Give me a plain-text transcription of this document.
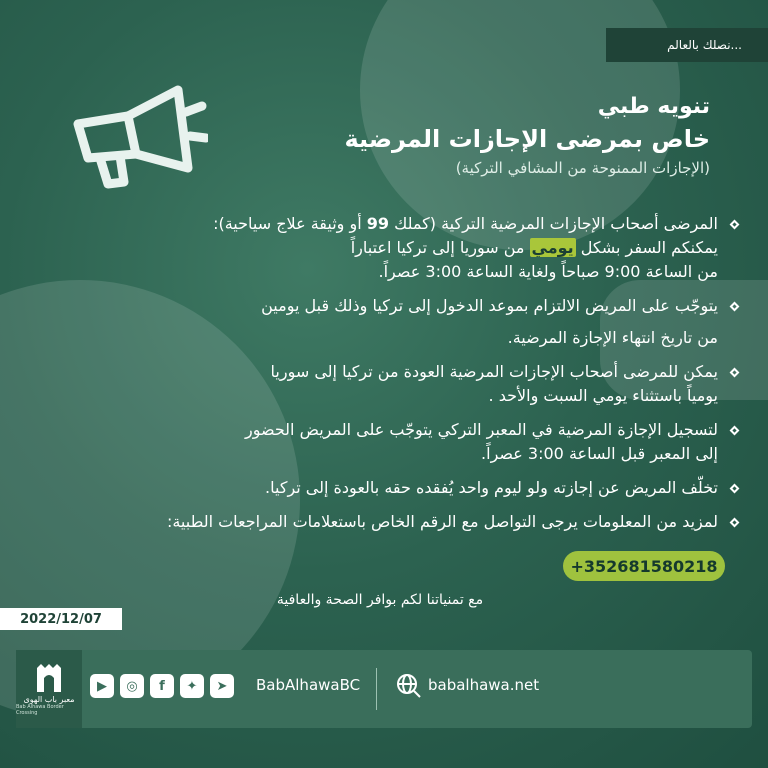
نصلك بالعالم...
تنويه طبي
خاص بمرضى الإجازات المرضية
(الإجازات الممنوحة من المشافي التركية)
المرضى أصحاب الإجازات المرضية التركية (كملك 99 أو وثيقة علاج سياحية):
يمكنكم السفر بشكل يومي من سوريا إلى تركيا اعتباراً
من الساعة 9:00 صباحاً ولغاية الساعة 3:00 عصراً.
يتوجّب على المريض الالتزام بموعد الدخول إلى تركيا وذلك قبل يومين
من تاريخ انتهاء الإجازة المرضية.
يمكن للمرضى أصحاب الإجازات المرضية العودة من تركيا إلى سوريا
يومياً باستثناء يومي السبت والأحد .
لتسجيل الإجازة المرضية في المعبر التركي يتوجّب على المريض الحضور
إلى المعبر قبل الساعة 3:00 عصراً.
تخلّف المريض عن إجازته ولو ليوم واحد يُفقده حقه بالعودة إلى تركيا.
لمزيد من المعلومات يرجى التواصل مع الرقم الخاص باستعلامات المراجعات الطبية:
+352681580218
مع تمنياتنا لكم بوافر الصحة والعافية
2022/12/07
معبر باب الهوى
Bab Alhawa Border Crossing
▶	◎	f	✦	➤	BabAlhawaBC	babalhawa.net
